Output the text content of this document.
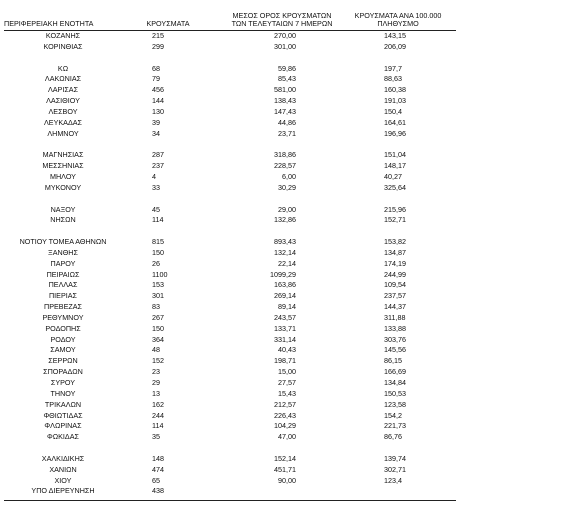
ΠΕΡΙΦΕΡΕΙΑΚΗ ΕΝΟΤΗΤΑ	ΚΡΟΥΣΜΑΤΑ
ΜΕΣΟΣ ΟΡΟΣ ΚΡΟΥΣΜΑΤΩΝ
ΤΩΝ ΤΕΛΕΥΤΑΙΩΝ 7 ΗΜΕΡΩΝ
ΚΡΟΥΣΜΑΤΑ ΑΝΑ 100.000
ΠΛΗΘΥΣΜΟ
ΚΟΖΑΝΗΣ
ΚΟΡΙΝΘΙΑΣ
ΚΩ
ΛΑΚΩΝΙΑΣ
ΛΑΡΙΣΑΣ
ΛΑΣΙΘΙΟΥ
ΛΕΣΒΟΥ
ΛΕΥΚΑΔΑΣ
ΛΗΜΝΟΥ
ΜΑΓΝΗΣΙΑΣ
ΜΕΣΣΗΝΙΑΣ
ΜΗΛΟΥ
ΜΥΚΟΝΟΥ
ΝΑΞΟΥ
ΝΗΣΩΝ
ΝΟΤΙΟΥ ΤΟΜΕΑ ΑΘΗΝΩΝ
ΞΑΝΘΗΣ
ΠΑΡΟΥ
ΠΕΙΡΑΙΩΣ
ΠΕΛΛΑΣ
ΠΙΕΡΙΑΣ
ΠΡΕΒΕΖΑΣ
ΡΕΘΥΜΝΟΥ
ΡΟΔΟΠΗΣ
ΡΟΔΟΥ
ΣΑΜΟΥ
ΣΕΡΡΩΝ
ΣΠΟΡΑΔΩΝ
ΣΥΡΟΥ
ΤΗΝΟΥ
ΤΡΙΚΑΛΩΝ
ΦΘΙΩΤΙΔΑΣ
ΦΛΩΡΙΝΑΣ
ΦΩΚΙΔΑΣ
ΧΑΛΚΙΔΙΚΗΣ
ΧΑΝΙΩΝ
ΧΙΟΥ
ΥΠΟ ΔΙΕΡΕΥΝΗΣΗ
215
299
68
79
456
144
130
39
34
287
237
4
33
45
114
815
150
26
1100
153
301
83
267
150
364
48
152
23
29
13
162
244
114
35
148
474
65
438
270,00
301,00
59,86
85,43
581,00
138,43
147,43
44,86
23,71
318,86
228,57
6,00
30,29
29,00
132,86
893,43
132,14
22,14
1099,29
163,86
269,14
89,14
243,57
133,71
331,14
40,43
198,71
15,00
27,57
15,43
212,57
226,43
104,29
47,00
152,14
451,71
90,00
143,15
206,09
197,7
88,63
160,38
191,03
150,4
164,61
196,96
151,04
148,17
40,27
325,64
215,96
152,71
153,82
134,87
174,19
244,99
109,54
237,57
144,37
311,88
133,88
303,76
145,56
86,15
166,69
134,84
150,53
123,58
154,2
221,73
86,76
139,74
302,71
123,4
